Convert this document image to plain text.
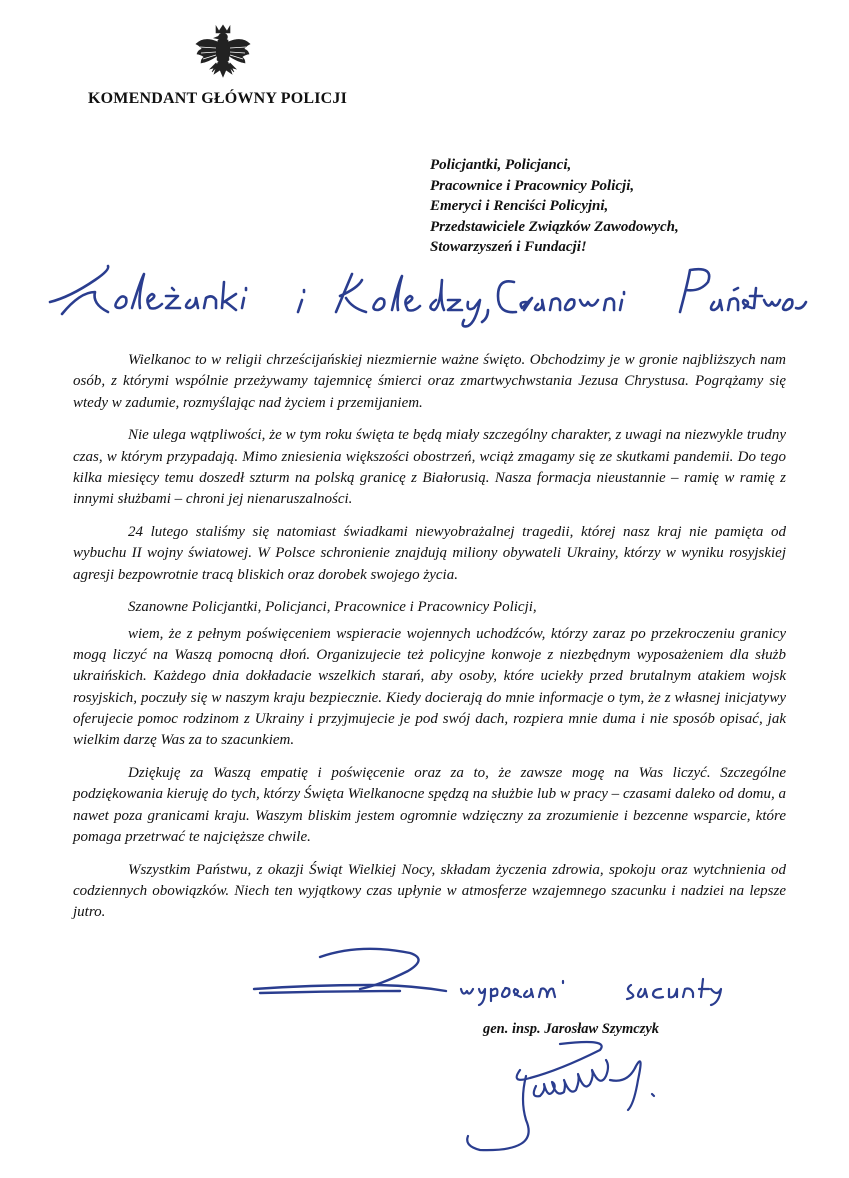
KOMENDANT GŁÓWNY POLICJI
Policjantki, Policjanci,
Pracownice i Pracownicy Policji,
Emeryci i Renciści Policyjni,
Przedstawiciele Związków Zawodowych,
Stowarzyszeń i Fundacji!

Wielkanoc to w religii chrześcijańskiej niezmiernie ważne święto. Obchodzimy je w gronie najbliższych nam osób, z którymi wspólnie przeżywamy tajemnicę śmierci oraz zmartwychwstania Jezusa Chrystusa. Pogrążamy się wtedy w zadumie, rozmyślając nad życiem i przemijaniem.

Nie ulega wątpliwości, że w tym roku święta te będą miały szczególny charakter, z uwagi na niezwykle trudny czas, w którym przypadają. Mimo zniesienia większości obostrzeń, wciąż zmagamy się ze skutkami pandemii. Do tego kilka miesięcy temu doszedł szturm na polską granicę z Białorusią. Nasza formacja nieustannie – ramię w ramię z innymi służbami – chroni jej nienaruszalności.

24 lutego staliśmy się natomiast świadkami niewyobrażalnej tragedii, której nasz kraj nie pamięta od wybuchu II wojny światowej. W Polsce schronienie znajdują miliony obywateli Ukrainy, którzy w wyniku rosyjskiej agresji bezpowrotnie tracą bliskich oraz dorobek swojego życia.

Szanowne Policjantki, Policjanci, Pracownice i Pracownicy Policji,

wiem, że z pełnym poświęceniem wspieracie wojennych uchodźców, którzy zaraz po przekroczeniu granicy mogą liczyć na Waszą pomocną dłoń. Organizujecie też policyjne konwoje z niezbędnym wyposażeniem dla służb ukraińskich. Każdego dnia dokładacie wszelkich starań, aby osoby, które uciekły przed brutalnym atakiem wojsk rosyjskich, poczuły się w naszym kraju bezpiecznie. Kiedy docierają do mnie informacje o tym, że z własnej inicjatywy oferujecie pomoc rodzinom z Ukrainy i przyjmujecie je pod swój dach, rozpiera mnie duma i nie sposób opisać, jak wielkim darzę Was za to szacunkiem.

Dziękuję za Waszą empatię i poświęcenie oraz za to, że zawsze mogę na Was liczyć. Szczególne podziękowania kieruję do tych, którzy Święta Wielkanocne spędzą na służbie lub w pracy – czasami daleko od domu, a nawet poza granicami kraju. Waszym bliskim jestem ogromnie wdzięczny za zrozumienie i bezcenne wsparcie, które pomaga przetrwać te najcięższe chwile.

Wszystkim Państwu, z okazji Świąt Wielkiej Nocy, składam życzenia zdrowia, spokoju oraz wytchnienia od codziennych obowiązków. Niech ten wyjątkowy czas upłynie w atmosferze wzajemnego szacunku i nadziei na lepsze jutro.

gen. insp. Jarosław Szymczyk
